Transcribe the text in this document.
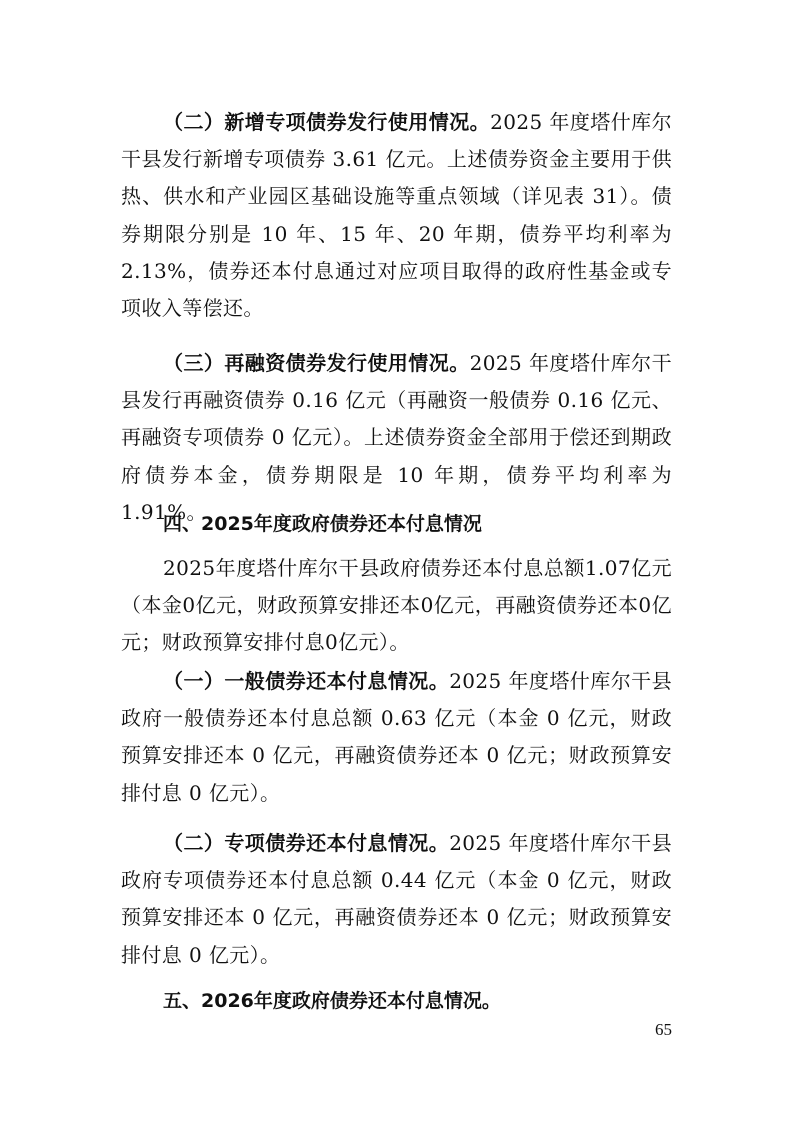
（二）新增专项债券发行使用情况。2025 年度塔什库尔干县发行新增专项债券 3.61 亿元。上述债券资金主要用于供热、供水和产业园区基础设施等重点领域（详见表 31）。债券期限分别是 10 年、15 年、20 年期，债券平均利率为 2.13%，债券还本付息通过对应项目取得的政府性基金或专项收入等偿还。

（三）再融资债券发行使用情况。2025 年度塔什库尔干县发行再融资债券 0.16 亿元（再融资一般债券 0.16 亿元、再融资专项债券 0 亿元）。上述债券资金全部用于偿还到期政府债券本金，债券期限是 10 年期，债券平均利率为 1.91%。

四、2025年度政府债券还本付息情况

2025年度塔什库尔干县政府债券还本付息总额1.07亿元（本金0亿元，财政预算安排还本0亿元，再融资债券还本0亿元；财政预算安排付息0亿元）。

（一）一般债券还本付息情况。2025 年度塔什库尔干县政府一般债券还本付息总额 0.63 亿元（本金 0 亿元，财政预算安排还本 0 亿元，再融资债券还本 0 亿元；财政预算安排付息 0 亿元）。

（二）专项债券还本付息情况。2025 年度塔什库尔干县政府专项债券还本付息总额 0.44 亿元（本金 0 亿元，财政预算安排还本 0 亿元，再融资债券还本 0 亿元；财政预算安排付息 0 亿元）。

五、2026年度政府债券还本付息情况。

65
